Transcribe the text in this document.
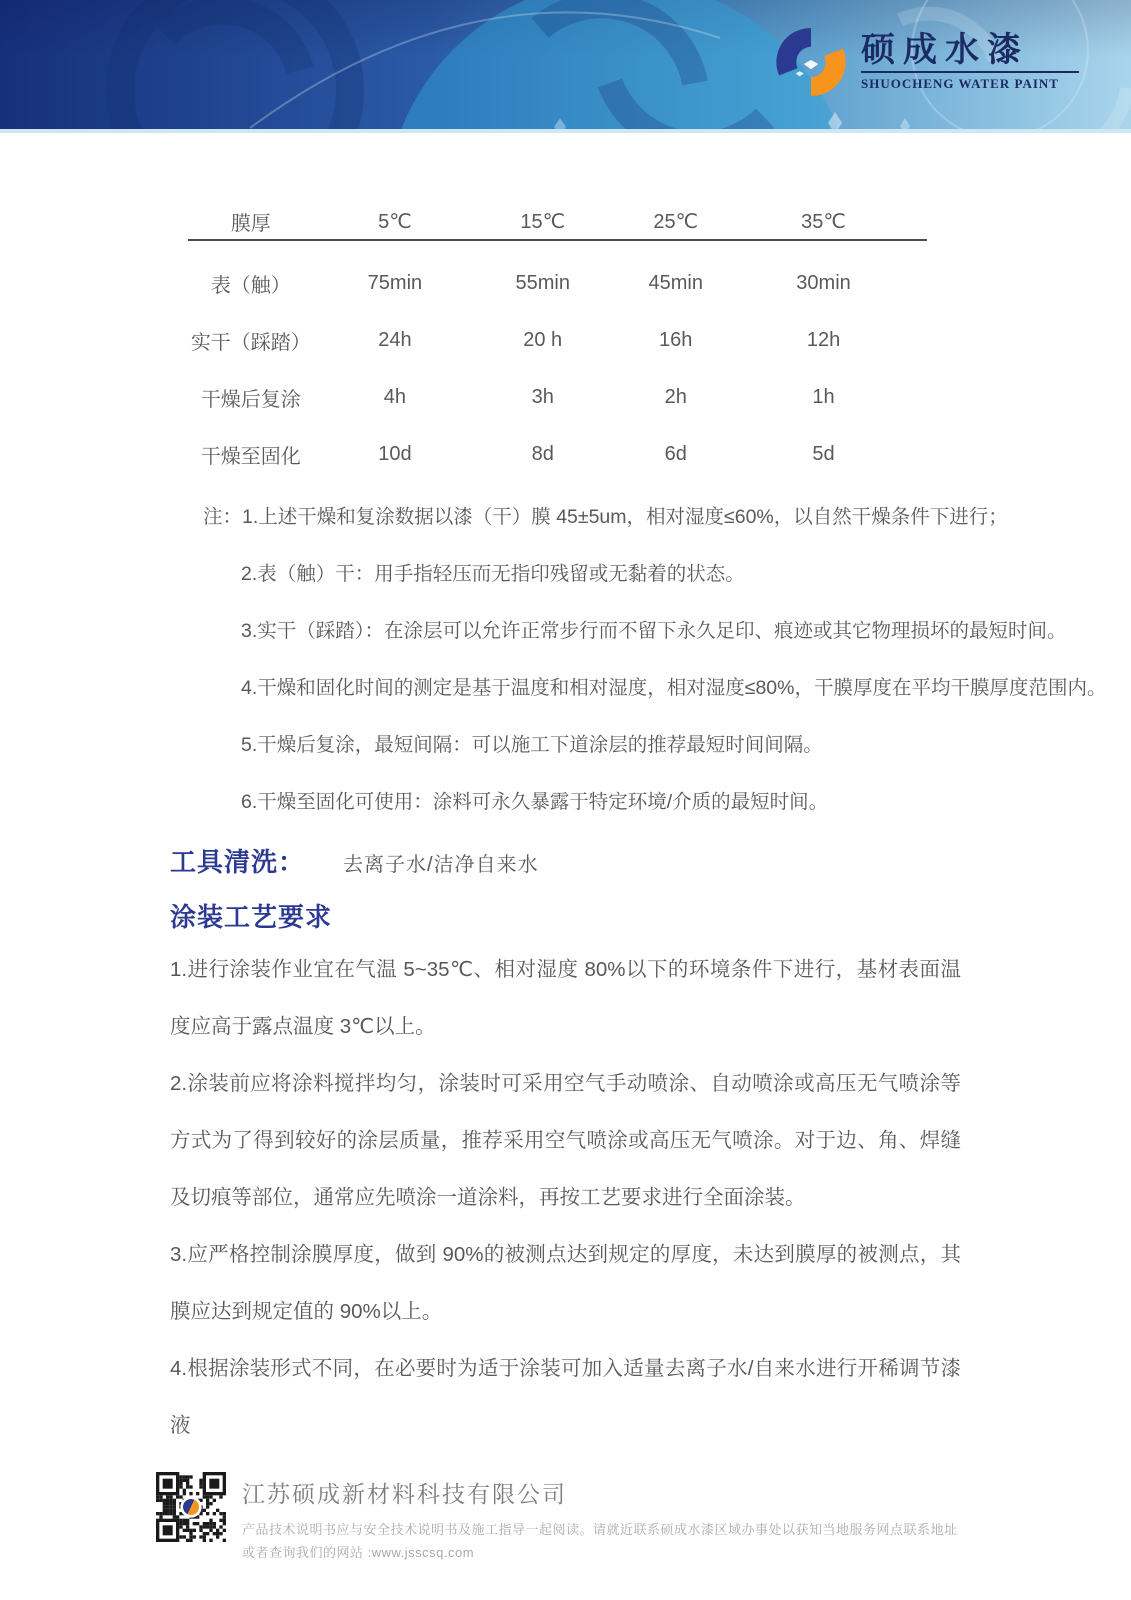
硕成水漆
SHUOCHENG WATER PAINT
膜厚	5℃	15℃	25℃	35℃
表（触）	75min	55min	45min	30min
实干（踩踏）	24h	20 h	16h	12h
干燥后复涂	4h	3h	2h	1h
干燥至固化	10d	8d	6d	5d
注：1.上述干燥和复涂数据以漆（干）膜 45±5um，相对湿度≤60%，以自然干燥条件下进行；
2.表（触）干：用手指轻压而无指印残留或无黏着的状态。
3.实干（踩踏）：在涂层可以允许正常步行而不留下永久足印、痕迹或其它物理损坏的最短时间。
4.干燥和固化时间的测定是基于温度和相对湿度，相对湿度≤80%，干膜厚度在平均干膜厚度范围内。
5.干燥后复涂，最短间隔：可以施工下道涂层的推荐最短时间间隔。
6.干燥至固化可使用：涂料可永久暴露于特定环境/介质的最短时间。
工具清洗： 去离子水/洁净自来水
涂装工艺要求

1.进行涂装作业宜在气温 5~35℃、相对湿度 80%以下的环境条件下进行，基材表面温度应高于露点温度 3℃以上。

2.涂装前应将涂料搅拌均匀，涂装时可采用空气手动喷涂、自动喷涂或高压无气喷涂等方式为了得到较好的涂层质量，推荐采用空气喷涂或高压无气喷涂。对于边、角、焊缝及切痕等部位，通常应先喷涂一道涂料，再按工艺要求进行全面涂装。

3.应严格控制涂膜厚度，做到 90%的被测点达到规定的厚度，未达到膜厚的被测点，其膜应达到规定值的 90%以上。

4.根据涂装形式不同，在必要时为适于涂装可加入适量去离子水/自来水进行开稀调节漆液

江苏硕成新材料科技有限公司
产品技术说明书应与安全技术说明书及施工指导一起阅读。请就近联系硕成水漆区域办事处以获知当地服务网点联系地址
或者查询我们的网站 :www.jsscsq.com
